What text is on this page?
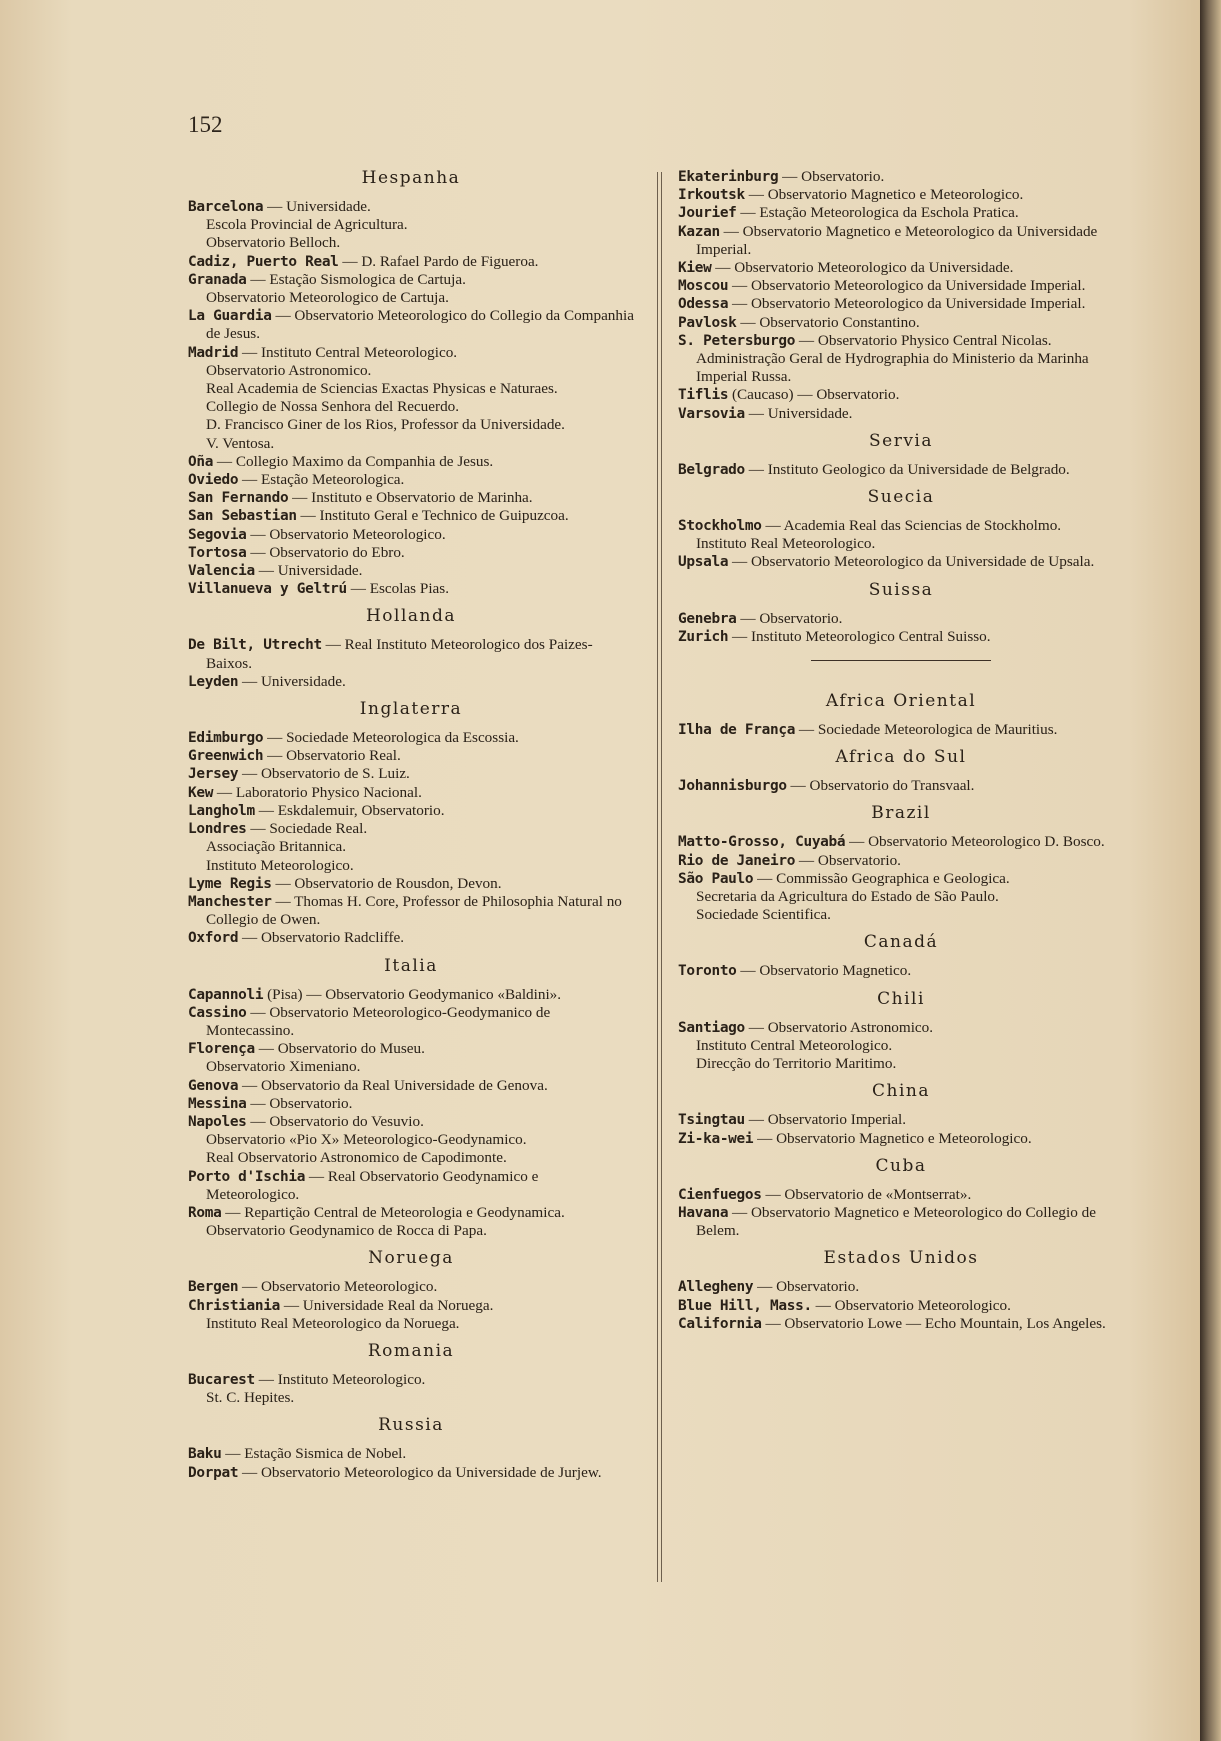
152
Hespanha
Barcelona — Universidade.
Escola Provincial de Agricultura.
Observatorio Belloch.
Cadiz, Puerto Real — D. Rafael Pardo de Figueroa.
Granada — Estação Sismologica de Cartuja.
Observatorio Meteorologico de Cartuja.
La Guardia — Observatorio Meteorologico do Collegio da Companhia de Jesus.
Madrid — Instituto Central Meteorologico.
Observatorio Astronomico.
Real Academia de Sciencias Exactas Physicas e Naturaes.
Collegio de Nossa Senhora del Recuerdo.
D. Francisco Giner de los Rios, Professor da Universidade.
V. Ventosa.
Oña — Collegio Maximo da Companhia de Jesus.
Oviedo — Estação Meteorologica.
San Fernando — Instituto e Observatorio de Marinha.
San Sebastian — Instituto Geral e Technico de Guipuzcoa.
Segovia — Observatorio Meteorologico.
Tortosa — Observatorio do Ebro.
Valencia — Universidade.
Villanueva y Geltrú — Escolas Pias.
Hollanda
De Bilt, Utrecht — Real Instituto Meteorologico dos Paizes-Baixos.
Leyden — Universidade.
Inglaterra
Edimburgo — Sociedade Meteorologica da Escossia.
Greenwich — Observatorio Real.
Jersey — Observatorio de S. Luiz.
Kew — Laboratorio Physico Nacional.
Langholm — Eskdalemuir, Observatorio.
Londres — Sociedade Real.
Associação Britannica.
Instituto Meteorologico.
Lyme Regis — Observatorio de Rousdon, Devon.
Manchester — Thomas H. Core, Professor de Philosophia Natural no Collegio de Owen.
Oxford — Observatorio Radcliffe.
Italia
Capannoli (Pisa) — Observatorio Geodymanico «Baldini».
Cassino — Observatorio Meteorologico-Geodymanico de Montecassino.
Florença — Observatorio do Museu.
Observatorio Ximeniano.
Genova — Observatorio da Real Universidade de Genova.
Messina — Observatorio.
Napoles — Observatorio do Vesuvio.
Observatorio «Pio X» Meteorologico-Geodynamico.
Real Observatorio Astronomico de Capodimonte.
Porto d'Ischia — Real Observatorio Geodynamico e Meteorologico.
Roma — Repartição Central de Meteorologia e Geodynamica.
Observatorio Geodynamico de Rocca di Papa.
Noruega
Bergen — Observatorio Meteorologico.
Christiania — Universidade Real da Noruega.
Instituto Real Meteorologico da Noruega.
Romania
Bucarest — Instituto Meteorologico.
St. C. Hepites.
Russia
Baku — Estação Sismica de Nobel.
Dorpat — Observatorio Meteorologico da Universidade de Jurjew.
Ekaterinburg — Observatorio.
Irkoutsk — Observatorio Magnetico e Meteorologico.
Jourief — Estação Meteorologica da Eschola Pratica.
Kazan — Observatorio Magnetico e Meteorologico da Universidade Imperial.
Kiew — Observatorio Meteorologico da Universidade.
Moscou — Observatorio Meteorologico da Universidade Imperial.
Odessa — Observatorio Meteorologico da Universidade Imperial.
Pavlosk — Observatorio Constantino.
S. Petersburgo — Observatorio Physico Central Nicolas.
Administração Geral de Hydrographia do Ministerio da Marinha Imperial Russa.
Tiflis (Caucaso) — Observatorio.
Varsovia — Universidade.
Servia
Belgrado — Instituto Geologico da Universidade de Belgrado.
Suecia
Stockholmo — Academia Real das Sciencias de Stockholmo.
Instituto Real Meteorologico.
Upsala — Observatorio Meteorologico da Universidade de Upsala.
Suissa
Genebra — Observatorio.
Zurich — Instituto Meteorologico Central Suisso.
Africa Oriental
Ilha de França — Sociedade Meteorologica de Mauritius.
Africa do Sul
Johannisburgo — Observatorio do Transvaal.
Brazil
Matto-Grosso, Cuyabá — Observatorio Meteorologico D. Bosco.
Rio de Janeiro — Observatorio.
São Paulo — Commissão Geographica e Geologica.
Secretaria da Agricultura do Estado de São Paulo.
Sociedade Scientifica.
Canadá
Toronto — Observatorio Magnetico.
Chili
Santiago — Observatorio Astronomico.
Instituto Central Meteorologico.
Direcção do Territorio Maritimo.
China
Tsingtau — Observatorio Imperial.
Zi-ka-wei — Observatorio Magnetico e Meteorologico.
Cuba
Cienfuegos — Observatorio de «Montserrat».
Havana — Observatorio Magnetico e Meteorologico do Collegio de Belem.
Estados Unidos
Allegheny — Observatorio.
Blue Hill, Mass. — Observatorio Meteorologico.
California — Observatorio Lowe — Echo Mountain, Los Angeles.
